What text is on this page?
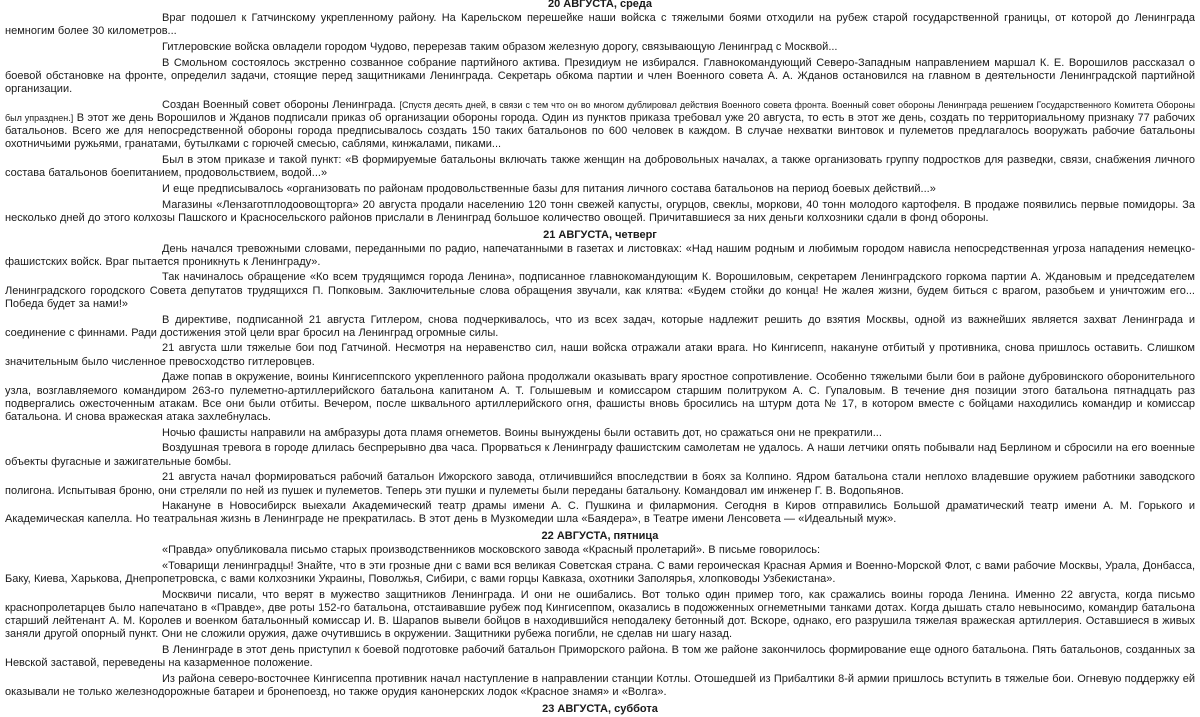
20 АВГУСТА, среда

Враг подошел к Гатчинскому укрепленному району. На Карельском перешейке наши войска с тяжелыми боями отходили на рубеж старой государственной границы, от которой до Ленинграда немногим более 30 километров...

Гитлеровские войска овладели городом Чудово, перерезав таким образом железную дорогу, связывающую Ленинград с Москвой...

В Смольном состоялось экстренно созванное собрание партийного актива. Президиум не избирался. Главнокомандующий Северо-Западным направлением маршал К. Е. Ворошилов рассказал о боевой обстановке на фронте, определил задачи, стоящие перед защитниками Ленинграда. Секретарь обкома партии и член Военного совета А. А. Жданов остановился на главном в деятельности Ленинградской партийной организации.

Создан Военный совет обороны Ленинграда. [Спустя десять дней, в связи с тем что он во многом дублировал действия Военного совета фронта. Военный совет обороны Ленинграда решением Государственного Комитета Обороны был упразднен.] В этот же день Ворошилов и Жданов подписали приказ об организации обороны города. Один из пунктов приказа требовал уже 20 августа, то есть в этот же день, создать по территориальному признаку 77 рабочих батальонов. Всего же для непосредственной обороны города предписывалось создать 150 таких батальонов по 600 человек в каждом. В случае нехватки винтовок и пулеметов предлагалось вооружать рабочие батальоны охотничьими ружьями, гранатами, бутылками с горючей смесью, саблями, кинжалами, пиками...

Был в этом приказе и такой пункт: «В формируемые батальоны включать также женщин на добровольных началах, а также организовать группу подростков для разведки, связи, снабжения личного состава батальонов боепитанием, продовольствием, водой...»

И еще предписывалось «организовать по районам продовольственные базы для питания личного состава батальонов на период боевых действий...»

Магазины «Лензаготплодоовощторга» 20 августа продали населению 120 тонн свежей капусты, огурцов, свеклы, моркови, 40 тонн молодого картофеля. В продаже появились первые помидоры. За несколько дней до этого колхозы Пашского и Красносельского районов прислали в Ленинград большое количество овощей. Причитавшиеся за них деньги колхозники сдали в фонд обороны.

21 АВГУСТА, четверг

День начался тревожными словами, переданными по радио, напечатанными в газетах и листовках: «Над нашим родным и любимым городом нависла непосредственная угроза нападения немецко-фашистских войск. Враг пытается проникнуть к Ленинграду».

Так начиналось обращение «Ко всем трудящимся города Ленина», подписанное главнокомандующим К. Ворошиловым, секретарем Ленинградского горкома партии А. Ждановым и председателем Ленинградского городского Совета депутатов трудящихся П. Попковым. Заключительные слова обращения звучали, как клятва: «Будем стойки до конца! Не жалея жизни, будем биться с врагом, разобьем и уничтожим его... Победа будет за нами!»

В директиве, подписанной 21 августа Гитлером, снова подчеркивалось, что из всех задач, которые надлежит решить до взятия Москвы, одной из важнейших является захват Ленинграда и соединение с финнами. Ради достижения этой цели враг бросил на Ленинград огромные силы.

21 августа шли тяжелые бои под Гатчиной. Несмотря на неравенство сил, наши войска отражали атаки врага. Но Кингисепп, накануне отбитый у противника, снова пришлось оставить. Слишком значительным было численное превосходство гитлеровцев.

Даже попав в окружение, воины Кингисеппского укрепленного района продолжали оказывать врагу яростное сопротивление. Особенно тяжелыми были бои в районе дубровинского оборонительного узла, возглавляемого командиром 263-го пулеметно-артиллерийского батальона капитаном А. Т. Голышевым и комиссаром старшим политруком А. С. Гупаловым. В течение дня позиции этого батальона пятнадцать раз подвергались ожесточенным атакам. Все они были отбиты. Вечером, после шквального артиллерийского огня, фашисты вновь бросились на штурм дота № 17, в котором вместе с бойцами находились командир и комиссар батальона. И снова вражеская атака захлебнулась.

Ночью фашисты направили на амбразуры дота пламя огнеметов. Воины вынуждены были оставить дот, но сражаться они не прекратили...

Воздушная тревога в городе длилась беспрерывно два часа. Прорваться к Ленинграду фашистским самолетам не удалось. А наши летчики опять побывали над Берлином и сбросили на его военные объекты фугасные и зажигательные бомбы.

21 августа начал формироваться рабочий батальон Ижорского завода, отличившийся впоследствии в боях за Колпино. Ядром батальона стали неплохо владевшие оружием работники заводского полигона. Испытывая броню, они стреляли по ней из пушек и пулеметов. Теперь эти пушки и пулеметы были переданы батальону. Командовал им инженер Г. В. Водопьянов.

Накануне в Новосибирск выехали Академический театр драмы имени А. С. Пушкина и филармония. Сегодня в Киров отправились Большой драматический театр имени А. М. Горького и Академическая капелла. Но театральная жизнь в Ленинграде не прекратилась. В этот день в Музкомедии шла «Баядера», в Театре имени Ленсовета — «Идеальный муж».

22 АВГУСТА, пятница

«Правда» опубликовала письмо старых производственников московского завода «Красный пролетарий». В письме говорилось:

«Товарищи ленинградцы! Знайте, что в эти грозные дни с вами вся великая Советская страна. С вами героическая Красная Армия и Военно-Морской Флот, с вами рабочие Москвы, Урала, Донбасса, Баку, Киева, Харькова, Днепропетровска, с вами колхозники Украины, Поволжья, Сибири, с вами горцы Кавказа, охотники Заполярья, хлопководы Узбекистана».

Москвичи писали, что верят в мужество защитников Ленинграда. И они не ошибались. Вот только один пример того, как сражались воины города Ленина. Именно 22 августа, когда письмо краснопролетарцев было напечатано в «Правде», две роты 152-го батальона, отстаивавшие рубеж под Кингисеппом, оказались в подожженных огнеметными танками дотах. Когда дышать стало невыносимо, командир батальона старший лейтенант А. М. Королев и военком батальонный комиссар И. В. Шарапов вывели бойцов в находившийся неподалеку бетонный дот. Вскоре, однако, его разрушила тяжелая вражеская артиллерия. Оставшиеся в живых заняли другой опорный пункт. Они не сложили оружия, даже очутившись в окружении. Защитники рубежа погибли, не сделав ни шагу назад.

В Ленинграде в этот день приступил к боевой подготовке рабочий батальон Приморского района. В том же районе закончилось формирование еще одного батальона. Пять батальонов, созданных за Невской заставой, переведены на казарменное положение.

Из района северо-восточнее Кингисеппа противник начал наступление в направлении станции Котлы. Отошедшей из Прибалтики 8-й армии пришлось вступить в тяжелые бои. Огневую поддержку ей оказывали не только железнодорожные батареи и бронепоезд, но также орудия канонерских лодок «Красное знамя» и «Волга».

23 АВГУСТА, суббота
